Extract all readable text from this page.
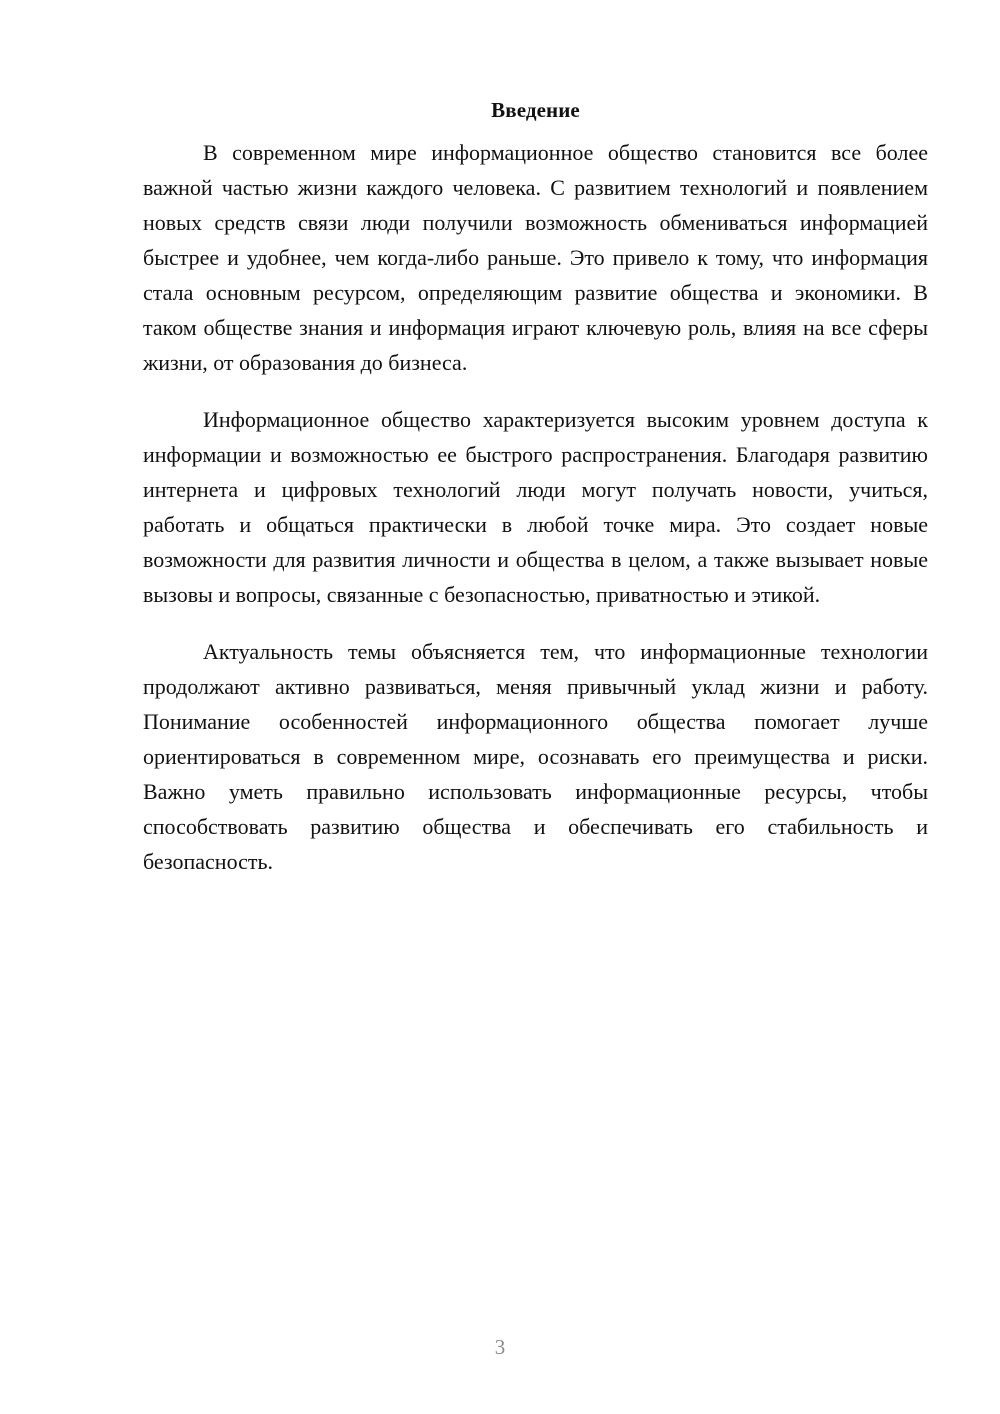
Введение

В современном мире информационное общество становится все более важной частью жизни каждого человека. С развитием технологий и появлением новых средств связи люди получили возможность обмениваться информацией быстрее и удобнее, чем когда-либо раньше. Это привело к тому, что информация стала основным ресурсом, определяющим развитие общества и экономики. В таком обществе знания и информация играют ключевую роль, влияя на все сферы жизни, от образования до бизнеса.

Информационное общество характеризуется высоким уровнем доступа к информации и возможностью ее быстрого распространения. Благодаря развитию интернета и цифровых технологий люди могут получать новости, учиться, работать и общаться практически в любой точке мира. Это создает новые возможности для развития личности и общества в целом, а также вызывает новые вызовы и вопросы, связанные с безопасностью, приватностью и этикой.

Актуальность темы объясняется тем, что информационные технологии продолжают активно развиваться, меняя привычный уклад жизни и работу. Понимание особенностей информационного общества помогает лучше ориентироваться в современном мире, осознавать его преимущества и риски. Важно уметь правильно использовать информационные ресурсы, чтобы способствовать развитию общества и обеспечивать его стабильность и безопасность.

3
